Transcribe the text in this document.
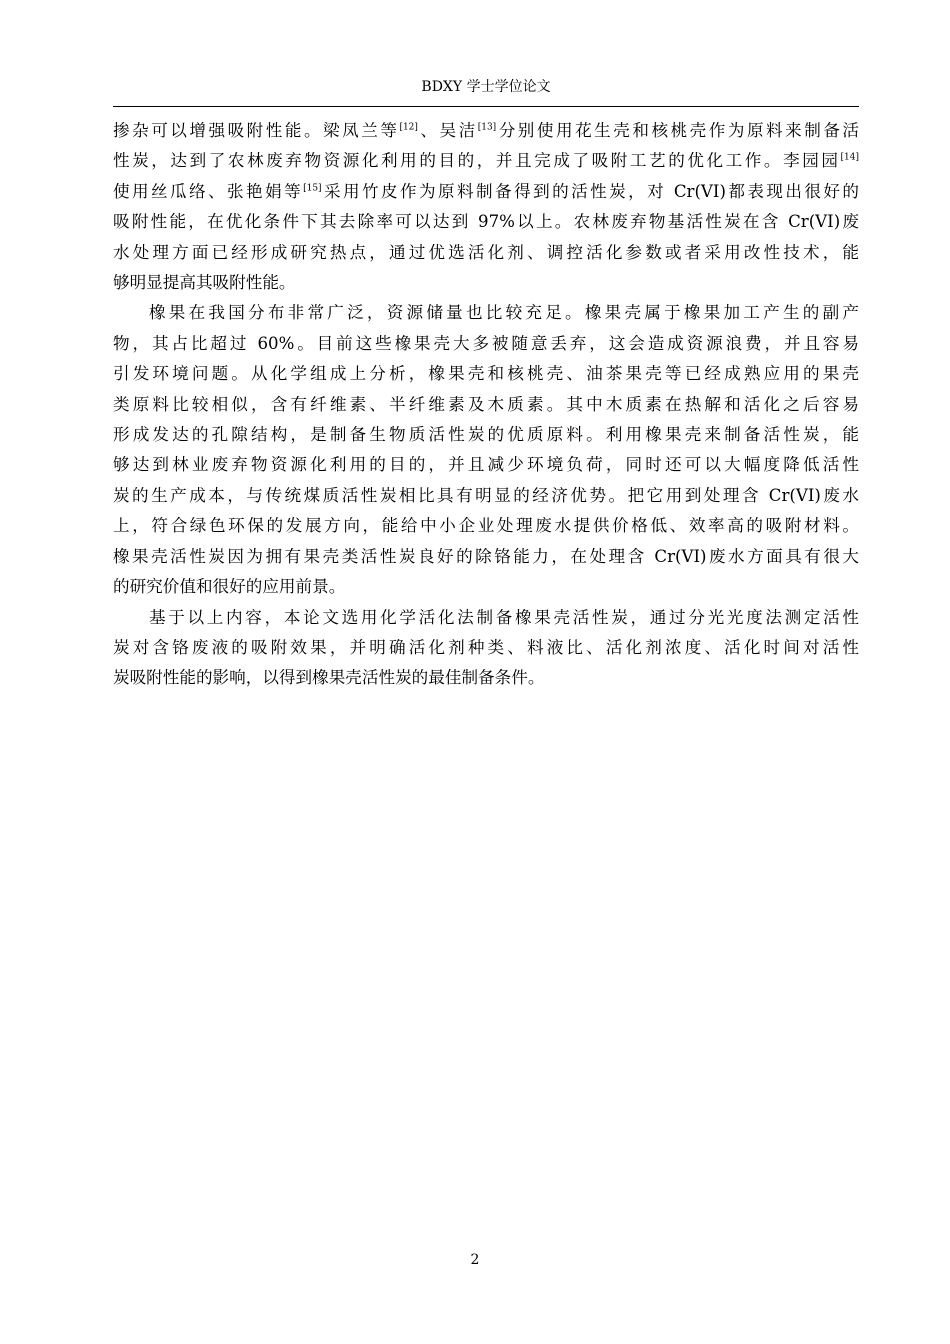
BDXY 学士学位论文
掺杂可以增强吸附性能。梁凤兰等[12]、吴洁[13]分别使用花生壳和核桃壳作为原料来制备活
性炭，达到了农林废弃物资源化利用的目的，并且完成了吸附工艺的优化工作。李园园[14]
使用丝瓜络、张艳娟等[15]采用竹皮作为原料制备得到的活性炭，对 Cr(VI)都表现出很好的
吸附性能，在优化条件下其去除率可以达到 97%以上。农林废弃物基活性炭在含 Cr(VI)废
水处理方面已经形成研究热点，通过优选活化剂、调控活化参数或者采用改性技术，能
够明显提高其吸附性能。
橡果在我国分布非常广泛，资源储量也比较充足。橡果壳属于橡果加工产生的副产
物，其占比超过 60%。目前这些橡果壳大多被随意丢弃，这会造成资源浪费，并且容易
引发环境问题。从化学组成上分析，橡果壳和核桃壳、油茶果壳等已经成熟应用的果壳
类原料比较相似，含有纤维素、半纤维素及木质素。其中木质素在热解和活化之后容易
形成发达的孔隙结构，是制备生物质活性炭的优质原料。利用橡果壳来制备活性炭，能
够达到林业废弃物资源化利用的目的，并且减少环境负荷，同时还可以大幅度降低活性
炭的生产成本，与传统煤质活性炭相比具有明显的经济优势。把它用到处理含 Cr(VI)废水
上，符合绿色环保的发展方向，能给中小企业处理废水提供价格低、效率高的吸附材料。
橡果壳活性炭因为拥有果壳类活性炭良好的除铬能力，在处理含 Cr(VI)废水方面具有很大
的研究价值和很好的应用前景。
基于以上内容，本论文选用化学活化法制备橡果壳活性炭，通过分光光度法测定活性
炭对含铬废液的吸附效果，并明确活化剂种类、料液比、活化剂浓度、活化时间对活性
炭吸附性能的影响，以得到橡果壳活性炭的最佳制备条件。
2
